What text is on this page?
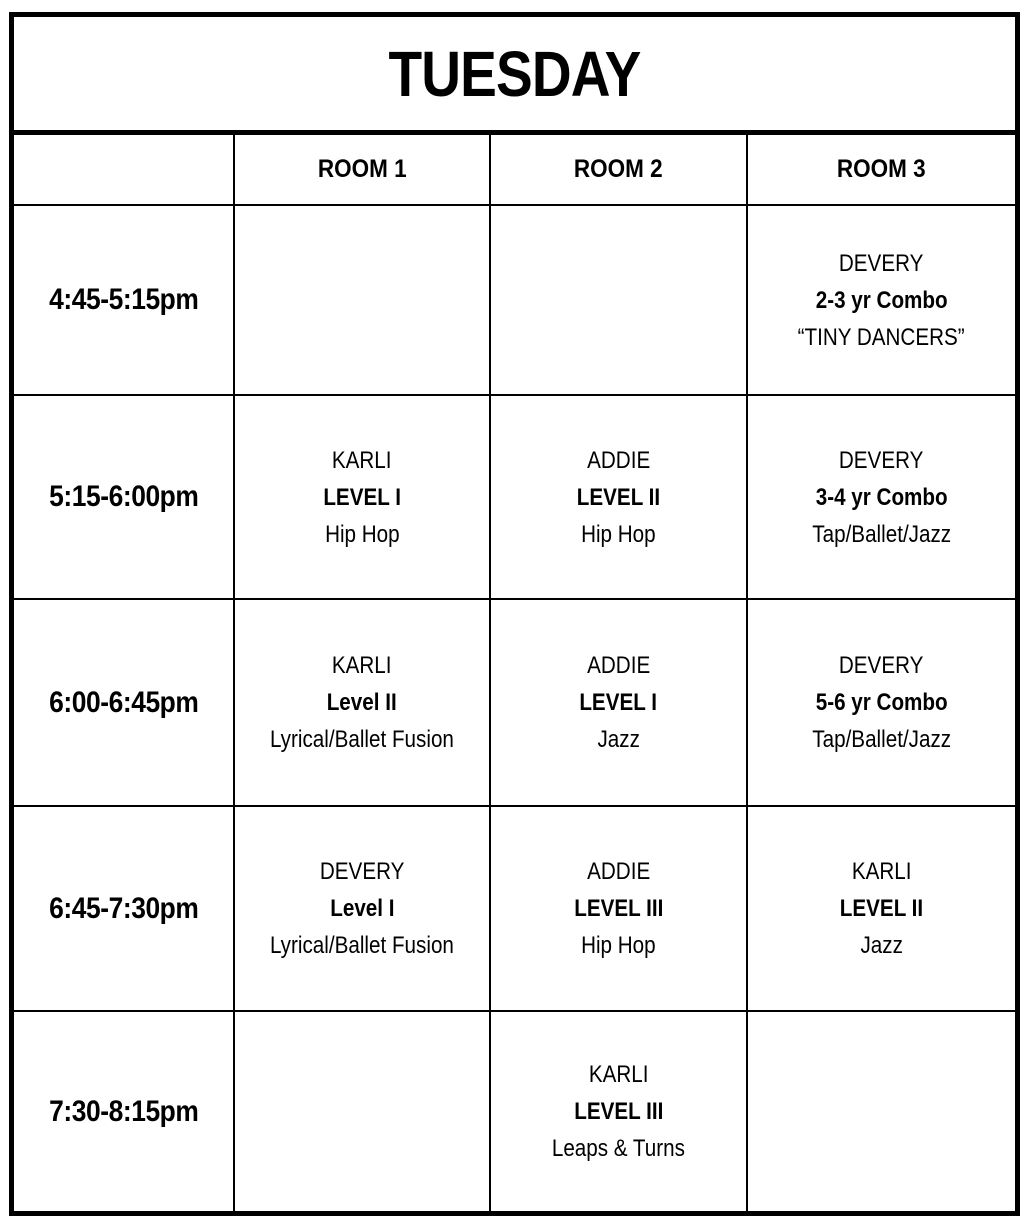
TUESDAY
ROOM 1	ROOM 2	ROOM 3
4:45-5:15pm
DEVERY
2-3 yr Combo
“TINY DANCERS”
5:15-6:00pm
KARLI
LEVEL I
Hip Hop
ADDIE
LEVEL II
Hip Hop
DEVERY
3-4 yr Combo
Tap/Ballet/Jazz
6:00-6:45pm
KARLI
Level II
Lyrical/Ballet Fusion
ADDIE
LEVEL I
Jazz
DEVERY
5-6 yr Combo
Tap/Ballet/Jazz
6:45-7:30pm
DEVERY
Level I
Lyrical/Ballet Fusion
ADDIE
LEVEL III
Hip Hop
KARLI
LEVEL II
Jazz
7:30-8:15pm
KARLI
LEVEL III
Leaps & Turns
